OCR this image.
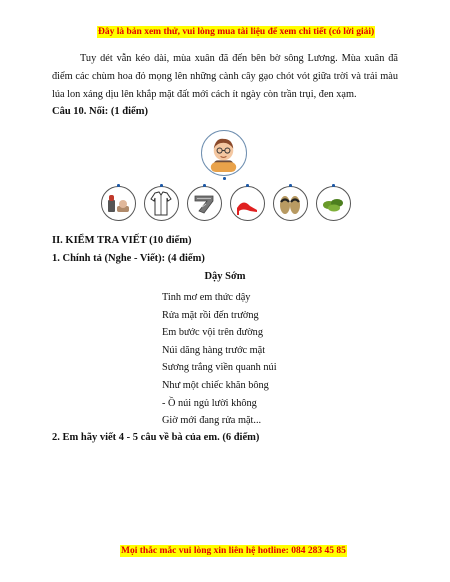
Đây là bản xem thử, vui lòng mua tài liệu để xem chi tiết (có lời giải)
Tuy dét vẫn kéo dài, mùa xuân đã đến bên bờ sông Lương. Mùa xuân đã điểm các chùm hoa đỏ mọng lên những cành cây gạo chót vót giữa trời và trải màu lúa lon xáng dịu lên khắp mặt đất mới cách ít ngày còn trần trụi, đen xạm.
Câu 10. Nối: (1 điểm)
II. KIỂM TRA VIẾT (10 điểm)
1. Chính tả (Nghe - Viết): (4 điểm)
Dậy Sớm
Tinh mơ em thức dậy
Rửa mặt rồi đến trường
Em bước vội trên đường
Núi dăng hàng trước mặt
Sương trắng viền quanh núi
Như một chiếc khăn bông
- Ồ núi ngủ lười không
Giờ mới đang rửa mặt...
2. Em hãy viết 4 - 5 câu về bà của em. (6 điểm)
Mọi thắc mắc vui lòng xin liên hệ hotline: 084 283 45 85
